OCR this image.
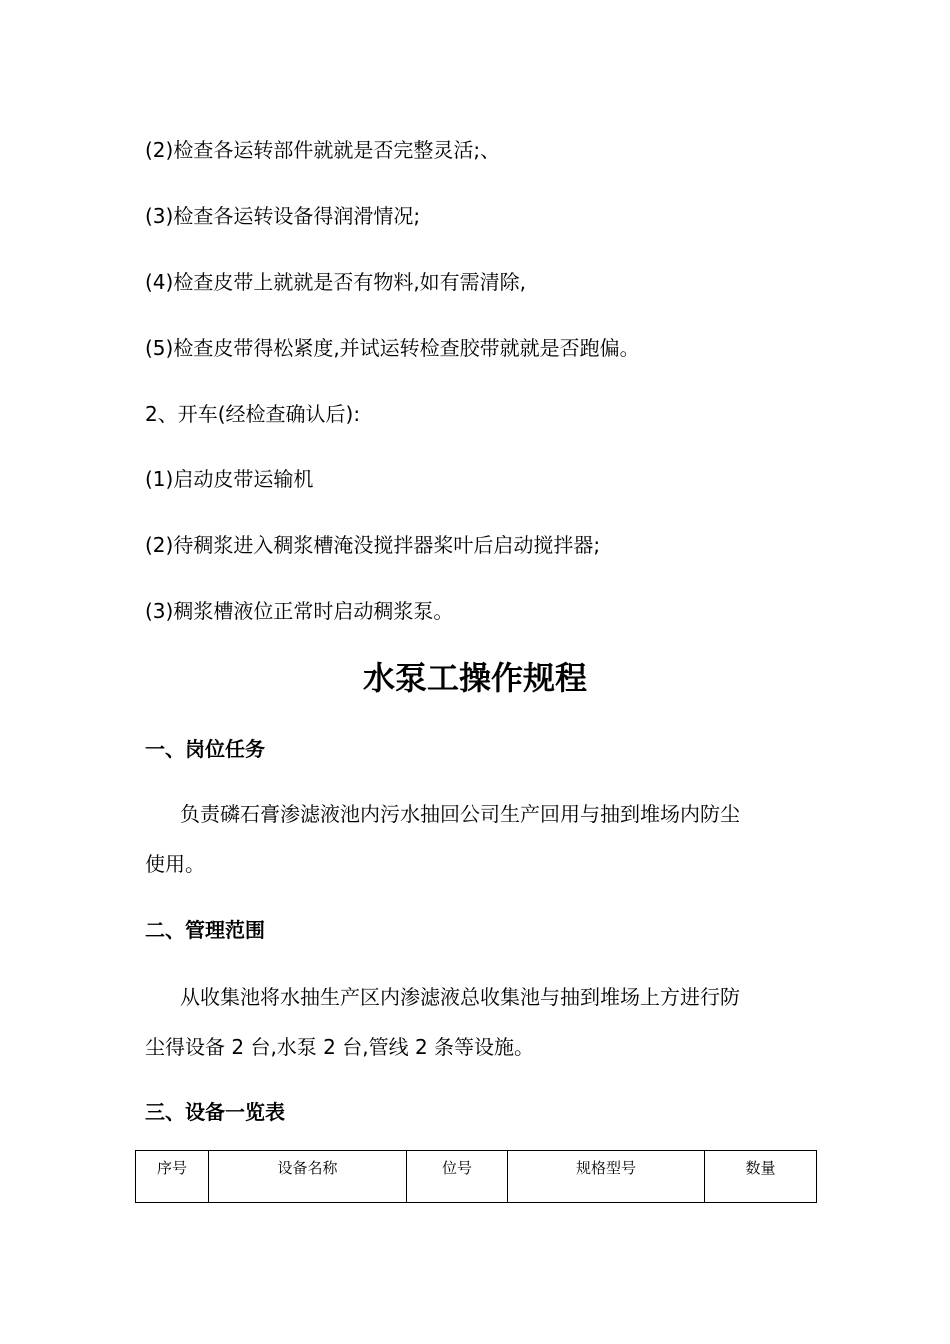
(2)检查各运转部件就就是否完整灵活;、
(3)检查各运转设备得润滑情况;
(4)检查皮带上就就是否有物料,如有需清除,
(5)检查皮带得松紧度,并试运转检查胶带就就是否跑偏。
2、开车(经检查确认后):
(1)启动皮带运输机
(2)待稠浆进入稠浆槽淹没搅拌器桨叶后启动搅拌器;
(3)稠浆槽液位正常时启动稠浆泵。
水泵工操作规程
一、岗位任务
负责磷石膏渗滤液池内污水抽回公司生产回用与抽到堆场内防尘
使用。
二、管理范围
从收集池将水抽生产区内渗滤液总收集池与抽到堆场上方进行防
尘得设备 2 台,水泵 2 台,管线 2 条等设施。
三、设备一览表
序号	设备名称	位号	规格型号	数量
